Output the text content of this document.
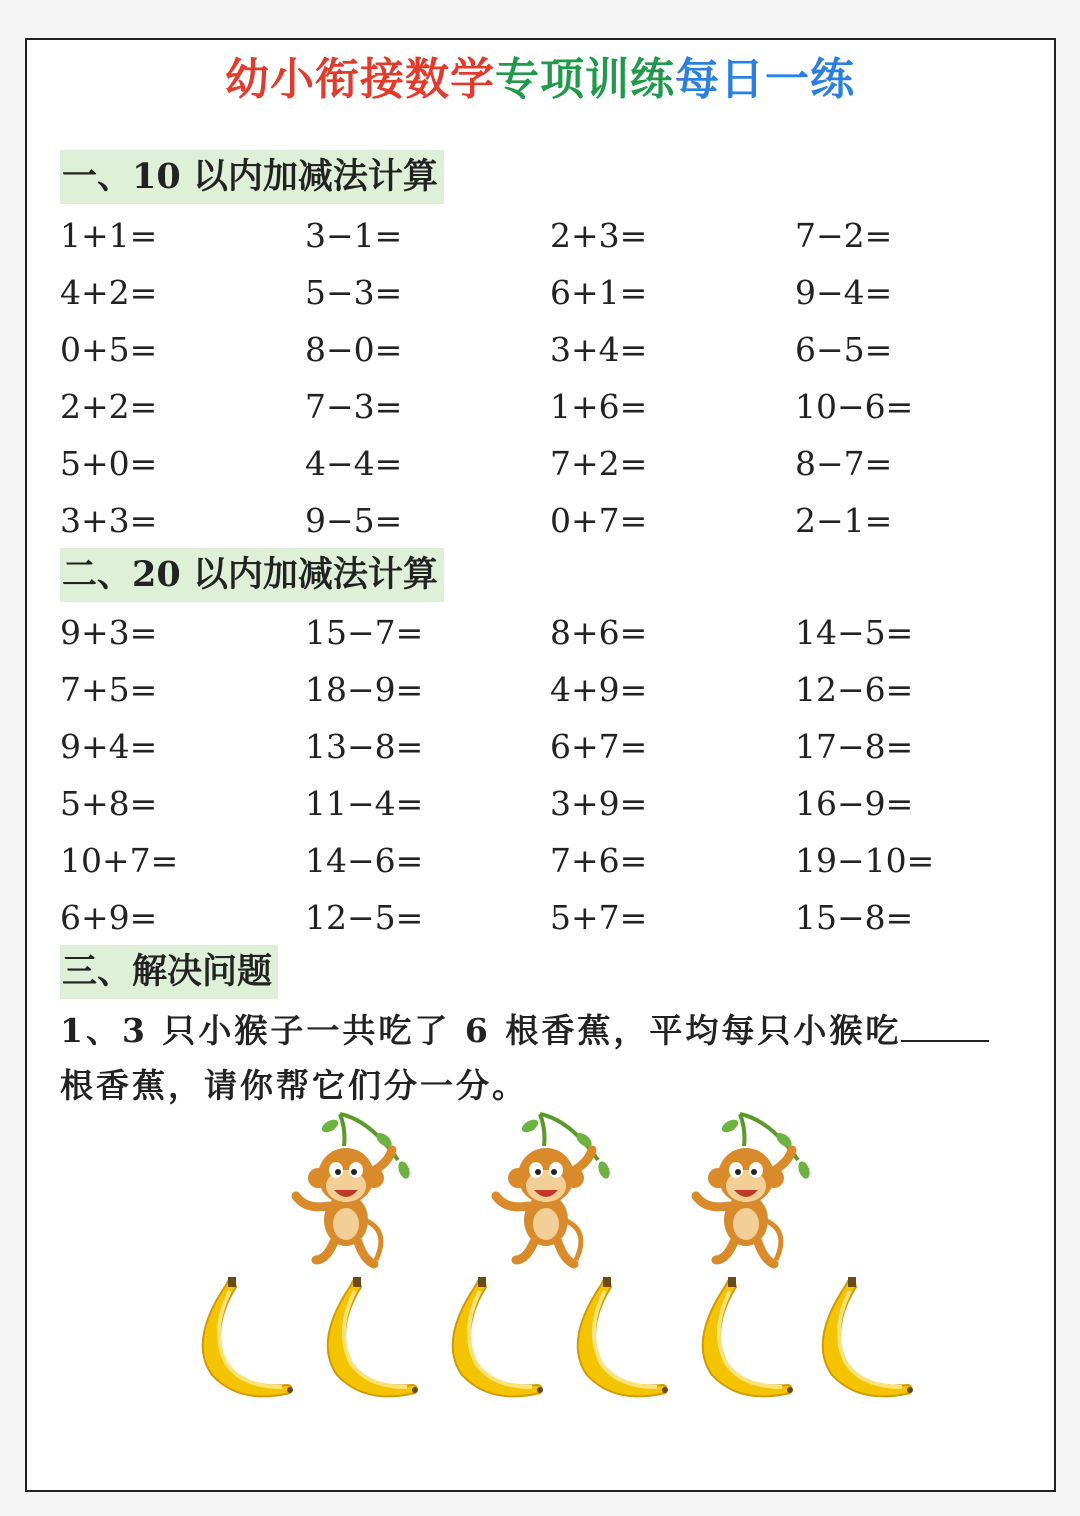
幼小衔接数学专项训练每日一练
一、10 以内加减法计算
1+1=
4+2=
0+5=
2+2=
5+0=
3+3=
3−1=
5−3=
8−0=
7−3=
4−4=
9−5=
2+3=
6+1=
3+4=
1+6=
7+2=
0+7=
7−2=
9−4=
6−5=
10−6=
8−7=
2−1=
二、20 以内加减法计算
9+3=
7+5=
9+4=
5+8=
10+7=
6+9=
15−7=
18−9=
13−8=
11−4=
14−6=
12−5=
8+6=
4+9=
6+7=
3+9=
7+6=
5+7=
14−5=
12−6=
17−8=
16−9=
19−10=
15−8=
三、解决问题
1、3 只小猴子一共吃了 6 根香蕉，平均每只小猴吃
根香蕉，请你帮它们分一分。
